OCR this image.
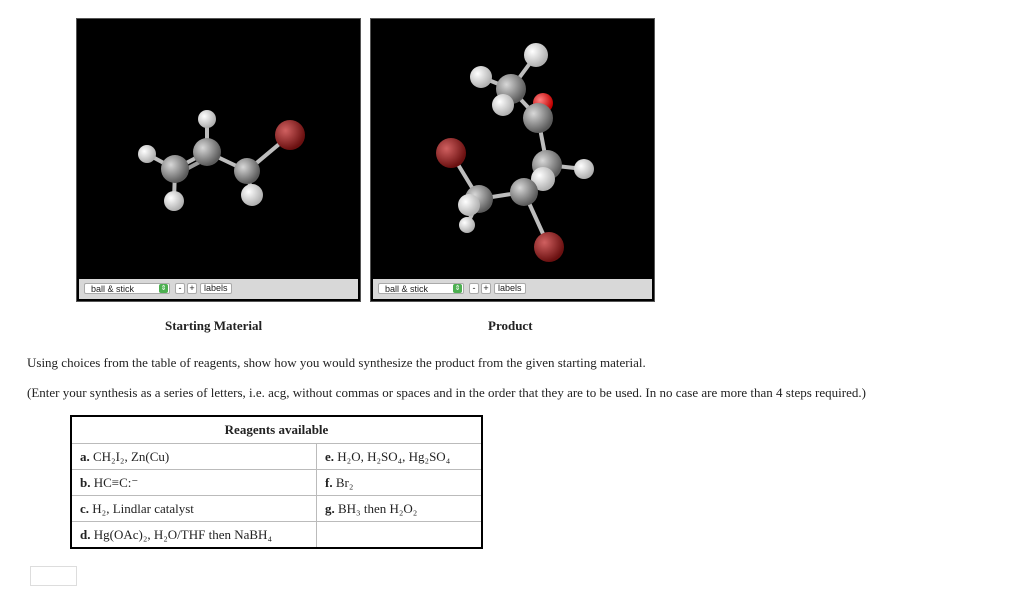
ball & stick	⇕	- +	labels	ball & stick	⇕	- +	labels
Starting Material	Product
Using choices from the table of reagents, show how you would synthesize the product from the given starting material.
(Enter your synthesis as a series of letters, i.e. acg, without commas or spaces and in the order that they are to be used. In no case are more than 4 steps required.)
Reagents available	
a. CH₂I₂, Zn(Cu)	e. H₂O, H₂SO₄, Hg₂SO₄
b. HC≡C:⁻	f. Br₂
c. H₂, Lindlar catalyst	g. BH₃ then H₂O₂
d. Hg(OAc)₂, H₂O/THF then NaBH₄	
